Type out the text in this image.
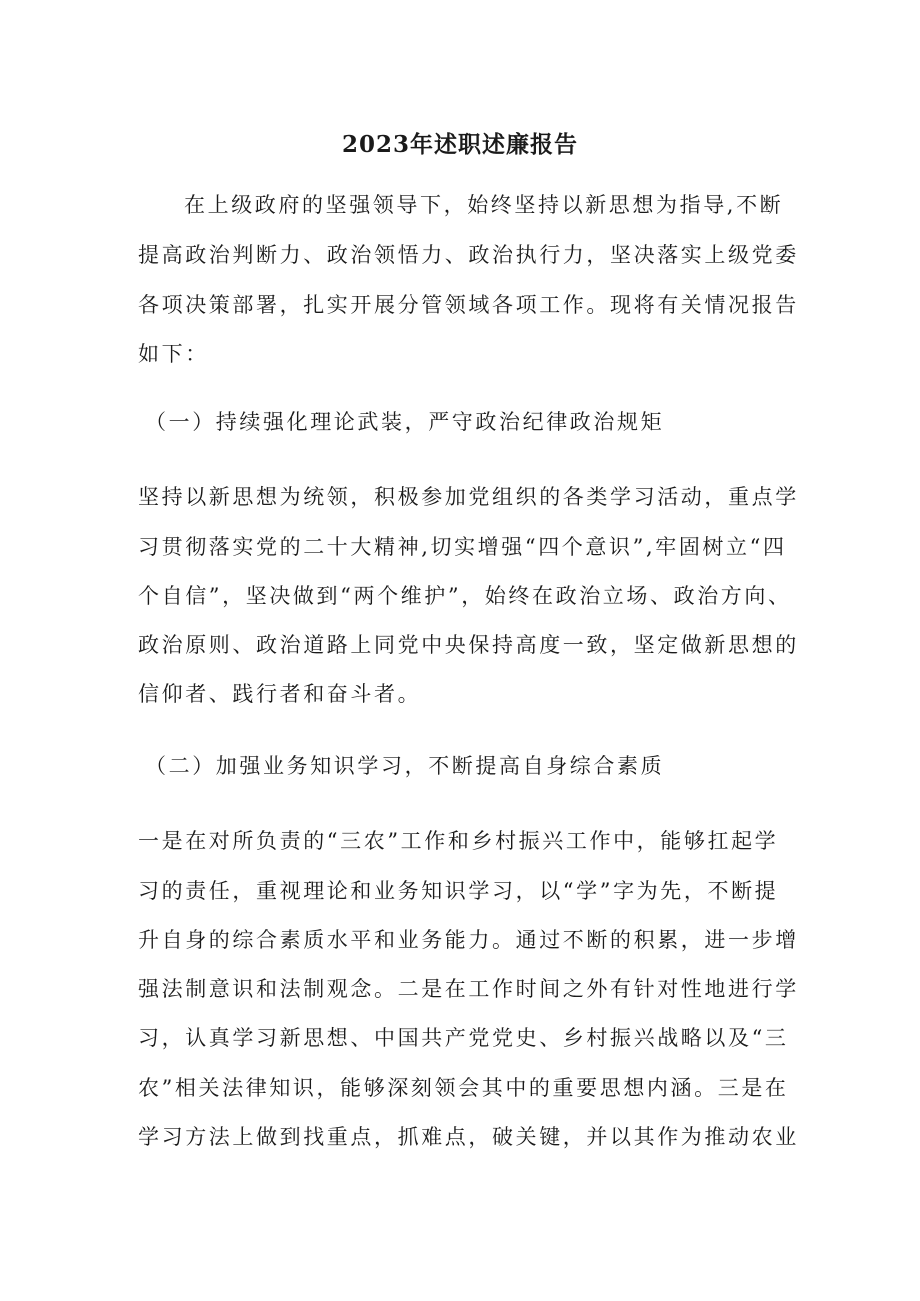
2023年述职述廉报告
在上级政府的坚强领导下，始终坚持以新思想为指导,不断
提高政治判断力、政治领悟力、政治执行力，坚决落实上级党委
各项决策部署，扎实开展分管领域各项工作。现将有关情况报告
如下：
（一）持续强化理论武装，严守政治纪律政治规矩
坚持以新思想为统领，积极参加党组织的各类学习活动，重点学
习贯彻落实党的二十大精神,切实增强“四个意识”,牢固树立“四
个自信”，坚决做到“两个维护”，始终在政治立场、政治方向、
政治原则、政治道路上同党中央保持高度一致，坚定做新思想的
信仰者、践行者和奋斗者。
（二）加强业务知识学习，不断提高自身综合素质
一是在对所负责的“三农”工作和乡村振兴工作中，能够扛起学
习的责任，重视理论和业务知识学习，以“学”字为先，不断提
升自身的综合素质水平和业务能力。通过不断的积累，进一步增
强法制意识和法制观念。二是在工作时间之外有针对性地进行学
习，认真学习新思想、中国共产党党史、乡村振兴战略以及“三
农”相关法律知识，能够深刻领会其中的重要思想内涵。三是在
学习方法上做到找重点，抓难点，破关键，并以其作为推动农业
